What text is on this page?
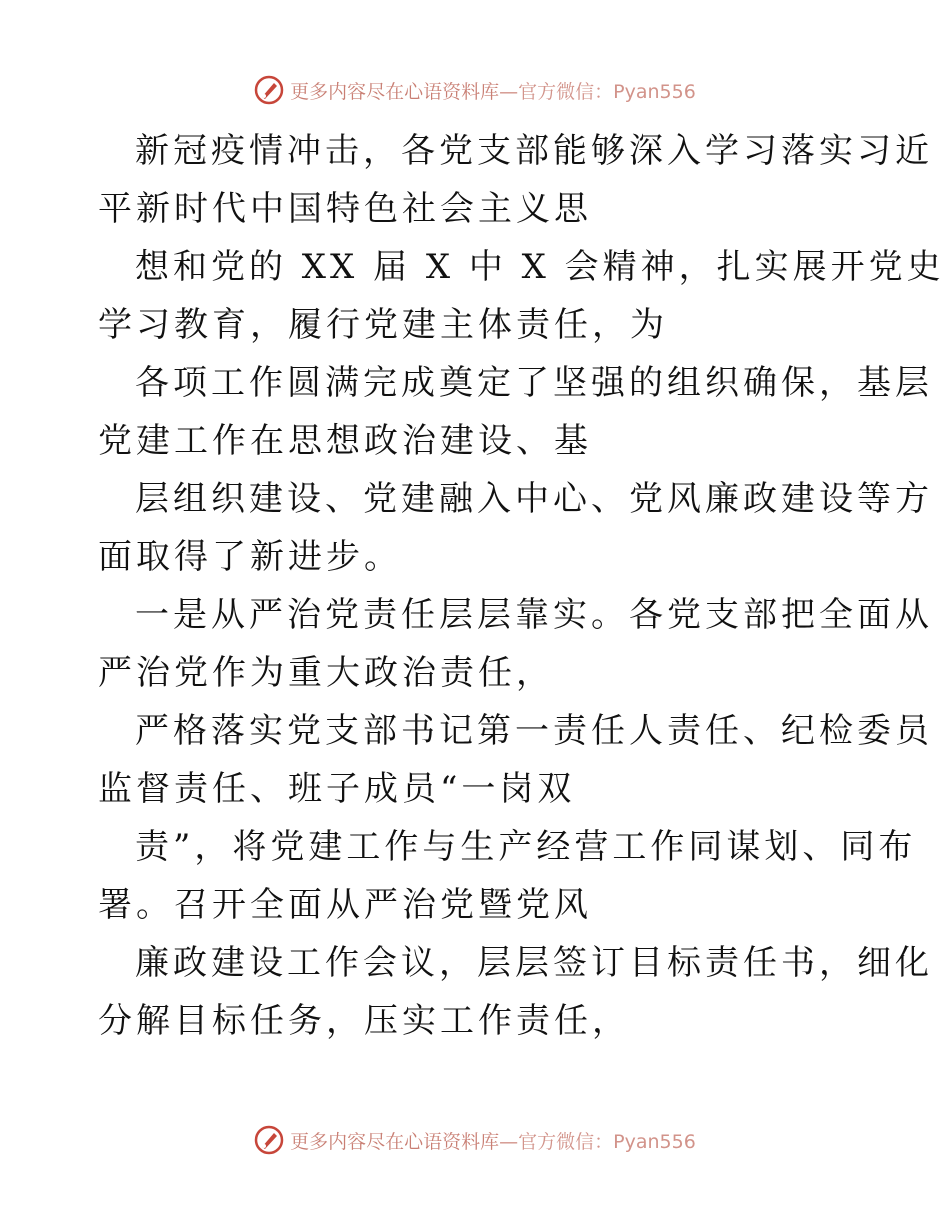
更多内容尽在心语资料库—官方微信：Pyan556
新冠疫情冲击，各党支部能够深入学习落实习近
平新时代中国特色社会主义思
想和党的 XX 届 X 中 X 会精神，扎实展开党史
学习教育，履行党建主体责任，为
各项工作圆满完成奠定了坚强的组织确保，基层
党建工作在思想政治建设、基
层组织建设、党建融入中心、党风廉政建设等方
面取得了新进步。
一是从严治党责任层层靠实。各党支部把全面从
严治党作为重大政治责任，
严格落实党支部书记第一责任人责任、纪检委员
监督责任、班子成员“一岗双
责”，将党建工作与生产经营工作同谋划、同布
署。召开全面从严治党暨党风
廉政建设工作会议，层层签订目标责任书，细化
分解目标任务，压实工作责任，
更多内容尽在心语资料库—官方微信：Pyan556
